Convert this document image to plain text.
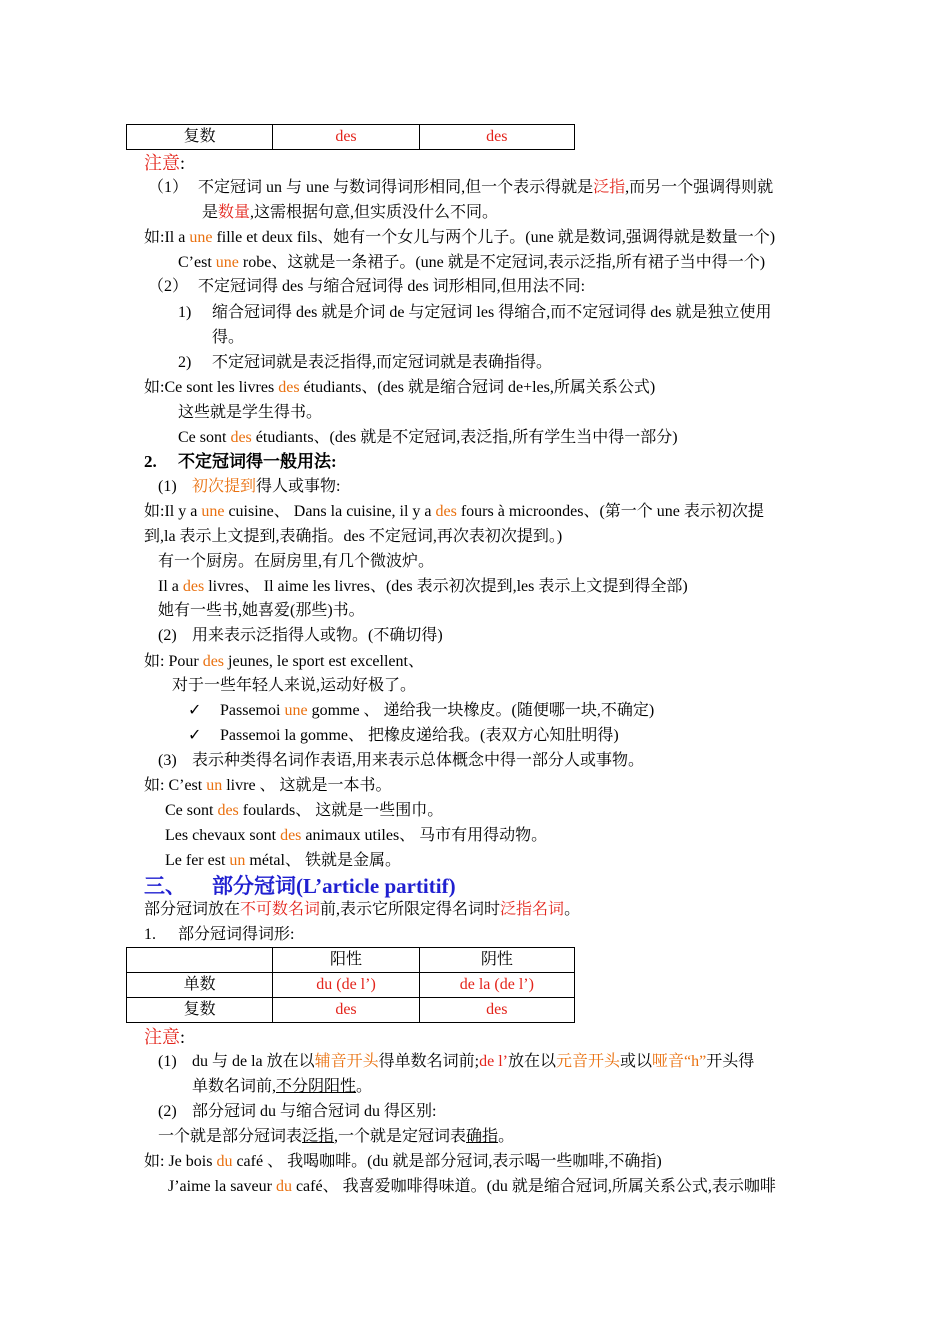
复数	des	des
注意:
（1） 不定冠词 un 与 une 与数词得词形相同,但一个表示得就是泛指,而另一个强调得则就
是数量,这需根据句意,但实质没什么不同。
如:Il a une fille et deux fils、她有一个女儿与两个儿子。(une 就是数词,强调得就是数量一个)
C’est une robe、这就是一条裙子。(une 就是不定冠词,表示泛指,所有裙子当中得一个)
（2） 不定冠词得 des 与缩合冠词得 des 词形相同,但用法不同:
1) 缩合冠词得 des 就是介词 de 与定冠词 les 得缩合,而不定冠词得 des 就是独立使用
得。
2) 不定冠词就是表泛指得,而定冠词就是表确指得。
如:Ce sont les livres des étudiants、(des 就是缩合冠词 de+les,所属关系公式)
这些就是学生得书。
Ce sont des étudiants、(des 就是不定冠词,表泛指,所有学生当中得一部分)
2. 不定冠词得一般用法:
(1) 初次提到得人或事物:
如:Il y a une cuisine、 Dans la cuisine, il y a des fours à microondes、(第一个 une 表示初次提
到,la 表示上文提到,表确指。des 不定冠词,再次表初次提到。)
有一个厨房。在厨房里,有几个微波炉。
Il a des livres、 Il aime les livres、(des 表示初次提到,les 表示上文提到得全部)
她有一些书,她喜爱(那些)书。
(2) 用来表示泛指得人或物。(不确切得)
如: Pour des jeunes, le sport est excellent、
对于一些年轻人来说,运动好极了。
✓ Passemoi une gomme 、 递给我一块橡皮。(随便哪一块,不确定)
✓ Passemoi la gomme、 把橡皮递给我。(表双方心知肚明得)
(3) 表示种类得名词作表语,用来表示总体概念中得一部分人或事物。
如: C’est un livre 、 这就是一本书。
Ce sont des foulards、 这就是一些围巾。
Les chevaux sont des animaux utiles、 马市有用得动物。
Le fer est un métal、 铁就是金属。
三、 部分冠词(L’article partitif)
部分冠词放在不可数名词前,表示它所限定得名词时泛指名词。
1. 部分冠词得词形:
	阳性	阴性
单数	du (de l’)	de la (de l’)
复数	des	des
注意:
(1) du 与 de la 放在以辅音开头得单数名词前;de l’放在以元音开头或以哑音“h”开头得
单数名词前,不分阴阳性。
(2) 部分冠词 du 与缩合冠词 du 得区别:
一个就是部分冠词表泛指,一个就是定冠词表确指。
如: Je bois du café 、 我喝咖啡。(du 就是部分冠词,表示喝一些咖啡,不确指)
J’aime la saveur du café、 我喜爱咖啡得味道。(du 就是缩合冠词,所属关系公式,表示咖啡
